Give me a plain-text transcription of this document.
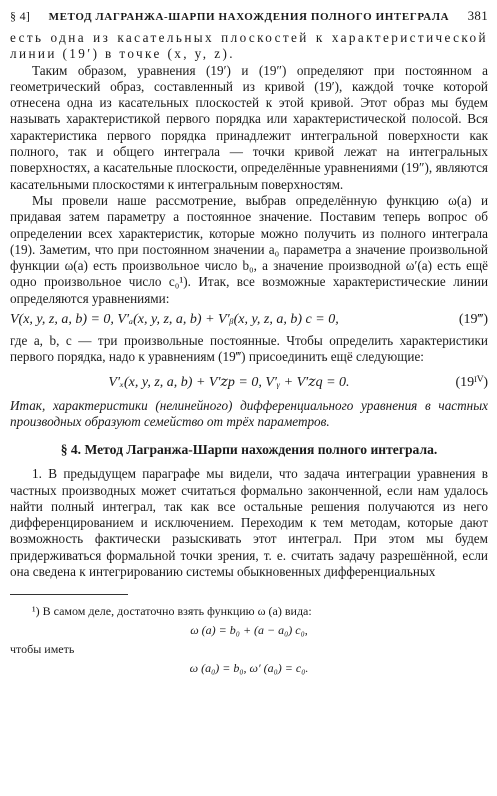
§ 4]	МЕТОД ЛАГРАНЖА-ШАРПИ НАХОЖДЕНИЯ ПОЛНОГО ИНТЕГРАЛА	381

есть одна из касательных плоскостей к характеристической линии (19′) в точке (x, y, z).

Таким образом, уравнения (19′) и (19″) определяют при постоянном a геометрический образ, составленный из кривой (19′), каждой точке которой отнесена одна из касательных плоскостей к этой кривой. Этот образ мы будем называть характеристикой первого порядка или характеристической полосой. Вся характеристика первого порядка принадлежит интегральной поверхности как полного, так и общего интеграла — точки кривой лежат на интегральных поверхностях, а касательные плоскости, определённые уравнениями (19″), являются касательными плоскостями к интегральным поверхностям.

Мы провели наше рассмотрение, выбрав определённую функцию ω(a) и придавая затем параметру a постоянное значение. Поставим теперь вопрос об определении всех характеристик, которые можно получить из полного интеграла (19). Заметим, что при постоянном значении a₀ параметра a значение произвольной функции ω(a) есть произвольное число b₀, а значение производной ω′(a) есть ещё одно произвольное число c₀¹). Итак, все возможные характеристические линии определяются уравнениями:

V(x, y, z, a, b) = 0, V′ₐ(x, y, z, a, b) + V′ᵦ(x, y, z, a, b) c = 0,	(19‴)

где a, b, c — три произвольные постоянные. Чтобы определить характеристики первого порядка, надо к уравнениям (19‴) присоединить ещё следующие:

V′ₓ(x, y, z, a, b) + V′𝑧p = 0, V′ᵧ + V′𝑧q = 0.	(19ᴵⱽ)

Итак, характеристики (нелинейного) дифференциального уравнения в частных производных образуют семейство от трёх параметров.

§ 4. Метод Лагранжа-Шарпи нахождения полного интеграла.

1. В предыдущем параграфе мы видели, что задача интеграции уравнения в частных производных может считаться формально законченной, если нам удалось найти полный интеграл, так как все остальные решения получаются из него дифференцированием и исключением. Переходим к тем методам, которые дают возможность фактически разыскивать этот интеграл. При этом мы будем придерживаться формальной точки зрения, т. е. считать задачу разрешённой, если она сведена к интегрированию системы обыкновенных дифференциальных

¹) В самом деле, достаточно взять функцию ω (a) вида:

ω (a) = b₀ + (a − a₀) c₀,

чтобы иметь

ω (a₀) = b₀, ω′ (a₀) = c₀.
